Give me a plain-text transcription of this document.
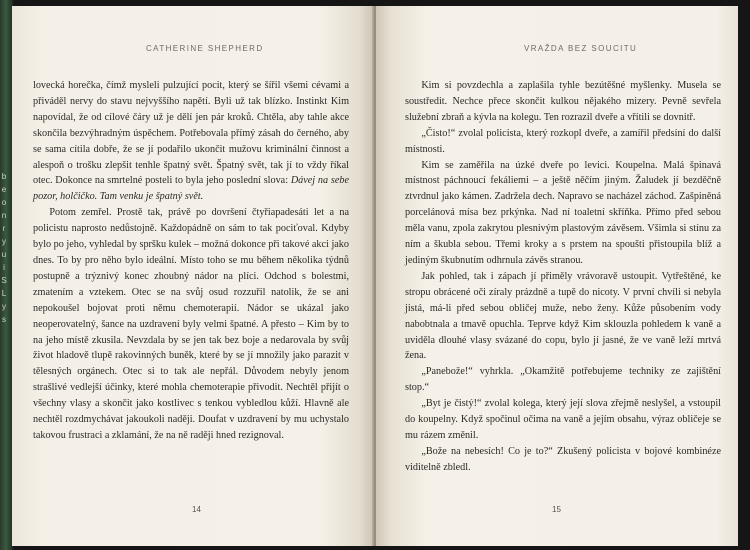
b
e
o
n
r
y
u
i
S
L
y
s
CATHERINE SHEPHERD

lovecká horečka, čímž mysleli pulzující pocit, který se šířil všemi cévami a přiváděl nervy do stavu nejvyššího napětí. Byli už tak blízko. Instinkt Kim napovídal, že od cílové čáry už je dělí jen pár kroků. Chtěla, aby tahle akce skončila bezvýhradným úspěchem. Potřebovala přímý zásah do černého, aby se sama cítila dobře, že se jí podařilo ukončit mužovu kriminální činnost a alespoň o trošku zlepšit tenhle špatný svět. Špatný svět, tak jí to vždy říkal otec. Dokonce na smrtelné posteli to byla jeho poslední slova: Dávej na sebe pozor, holčičko. Tam venku je špatný svět.

Potom zemřel. Prostě tak, právě po dovršení čtyřiapadesáti let a na policistu naprosto nedůstojně. Každopádně on sám to tak pociťoval. Kdyby bylo po jeho, vyhledal by spršku kulek – možná dokonce při takové akci jako dnes. To by pro něho bylo ideální. Místo toho se mu během několika týdnů postupně a trýznivý konec zhoubný nádor na plíci. Odchod s bolestmi, zmatením a vztekem. Otec se na svůj osud rozzuřil natolik, že se ani nepokoušel bojovat proti němu chemoterapií. Nádor se ukázal jako neoperovatelný, šance na uzdravení byly velmi špatné. A přesto – Kim by to na jeho místě zkusila. Nevzdala by se jen tak bez boje a nedarovala by svůj život hladově tlupě rakovinných buněk, které by se jí množily jako parazit v tělesných orgánech. Otec si to tak ale nepřál. Důvodem nebyly jenom strašlivé vedlejší účinky, které mohla chemoterapie přivodit. Nechtěl přijít o všechny vlasy a skončit jako kostlivec s tenkou vybledlou kůží. Hlavně ale nechtěl rozdmychávat jakoukoli naději. Doufat v uzdravení by mu uchystalo takovou frustraci a zklamání, že na ně raději hned rezignoval.

14
VRAŽDA BEZ SOUCITU

Kim si povzdechla a zaplašila tyhle bezútěšné myšlenky. Musela se soustředit. Nechce přece skončit kulkou nějakého mizery. Pevně sevřela služební zbraň a kývla na kolegu. Ten rozrazil dveře a vřítili se dovnitř.

„Čisto!“ zvolal policista, který rozkopl dveře, a zamířil předsíní do další místnosti.

Kim se zaměřila na úzké dveře po levici. Koupelna. Malá špinavá místnost páchnoucí fekáliemi – a ještě něčím jiným. Žaludek jí bezděčně ztvrdnul jako kámen. Zadržela dech. Napravo se nacházel záchod. Zašpiněná porcelánová mísa bez prkýnka. Nad ní toaletní skříňka. Přímo před sebou měla vanu, zpola zakrytou plesnivým plastovým závěsem. Všimla si stínu za ním a škubla sebou. Třemi kroky a s prstem na spoušti přistoupila blíž a jediným škubnutím odhrnula závěs stranou.

Jak pohled, tak i zápach jí přiměly vrávoravě ustoupit. Vytřeštěné, ke stropu obrácené oči zíraly prázdně a tupě do nicoty. V první chvíli si nebyla jistá, má-li před sebou obličej muže, nebo ženy. Kůže působením vody nabobtnala a tmavě opuchla. Teprve když Kim sklouzla pohledem k vaně a uviděla dlouhé vlasy svázané do copu, bylo jí jasné, že ve vaně leží mrtvá žena.

„Panebože!“ vyhrkla. „Okamžitě potřebujeme techniky ze zajištění stop.“

„Byt je čistý!“ zvolal kolega, který její slova zřejmě neslyšel, a vstoupil do koupelny. Když spočinul očima na vaně a jejím obsahu, výraz obličeje se mu rázem změnil.

„Bože na nebesích! Co je to?“ Zkušený policista v bojové kombinéze viditelně zbledl.

15
